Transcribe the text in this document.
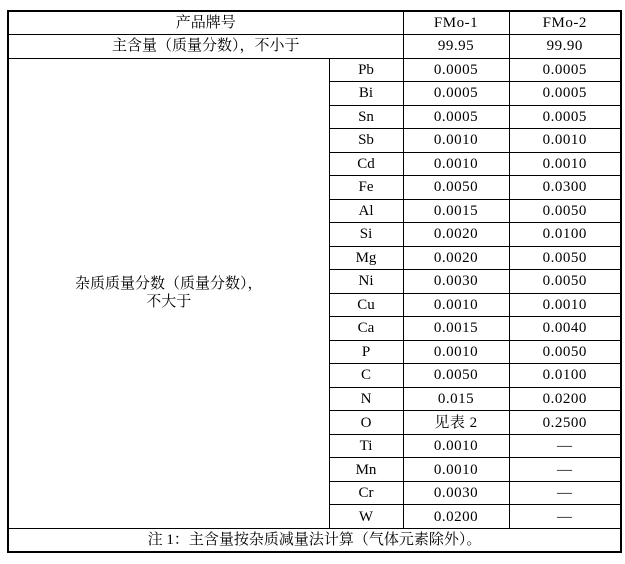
产品牌号		FMo-1	FMo-2
主含量（质量分数），不小于		99.95	99.90
杂质质量分数（质量分数），
不大于	Pb	0.0005	0.0005
	Bi	0.0005	0.0005
	Sn	0.0005	0.0005
	Sb	0.0010	0.0010
	Cd	0.0010	0.0010
	Fe	0.0050	0.0300
	Al	0.0015	0.0050
	Si	0.0020	0.0100
	Mg	0.0020	0.0050
	Ni	0.0030	0.0050
	Cu	0.0010	0.0010
	Ca	0.0015	0.0040
	P	0.0010	0.0050
	C	0.0050	0.0100
	N	0.015	0.0200
	O	见表 2	0.2500
	Ti	0.0010	—
	Mn	0.0010	—
	Cr	0.0030	—
	W	0.0200	—
注 1：主含量按杂质减量法计算（气体元素除外）。			
